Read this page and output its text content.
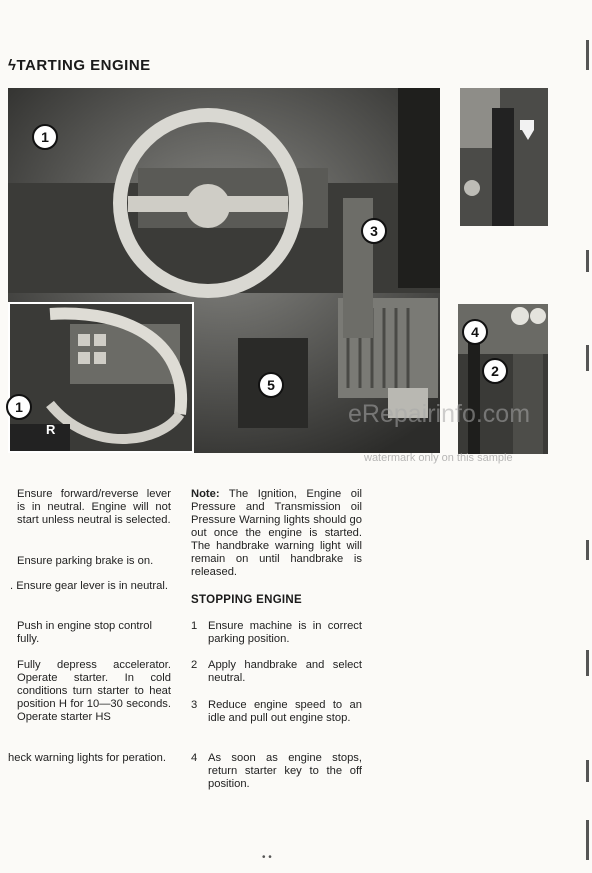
ϟTARTING ENGINE
1
3
5
1
R
4
2
eRepairinfo.com
watermark only on this sample
Ensure forward/reverse lever is in neutral. Engine will not start unless neutral is selected.
Ensure parking brake is on.
. Ensure gear lever is in neutral.
Push in engine stop control fully.
Fully depress accelerator. Operate starter. In cold conditions turn starter to heat position H for 10—30 seconds. Operate starter HS
heck warning lights for peration.
Note: The Ignition, Engine oil Pressure and Transmission oil Pressure Warning lights should go out once the engine is started. The handbrake warning light will remain on until handbrake is released.
STOPPING ENGINE
1 Ensure machine is in correct parking position.
2 Apply handbrake and select neutral.
3 Reduce engine speed to an idle and pull out engine stop.
4 As soon as engine stops, return starter key to the off position.
• •
